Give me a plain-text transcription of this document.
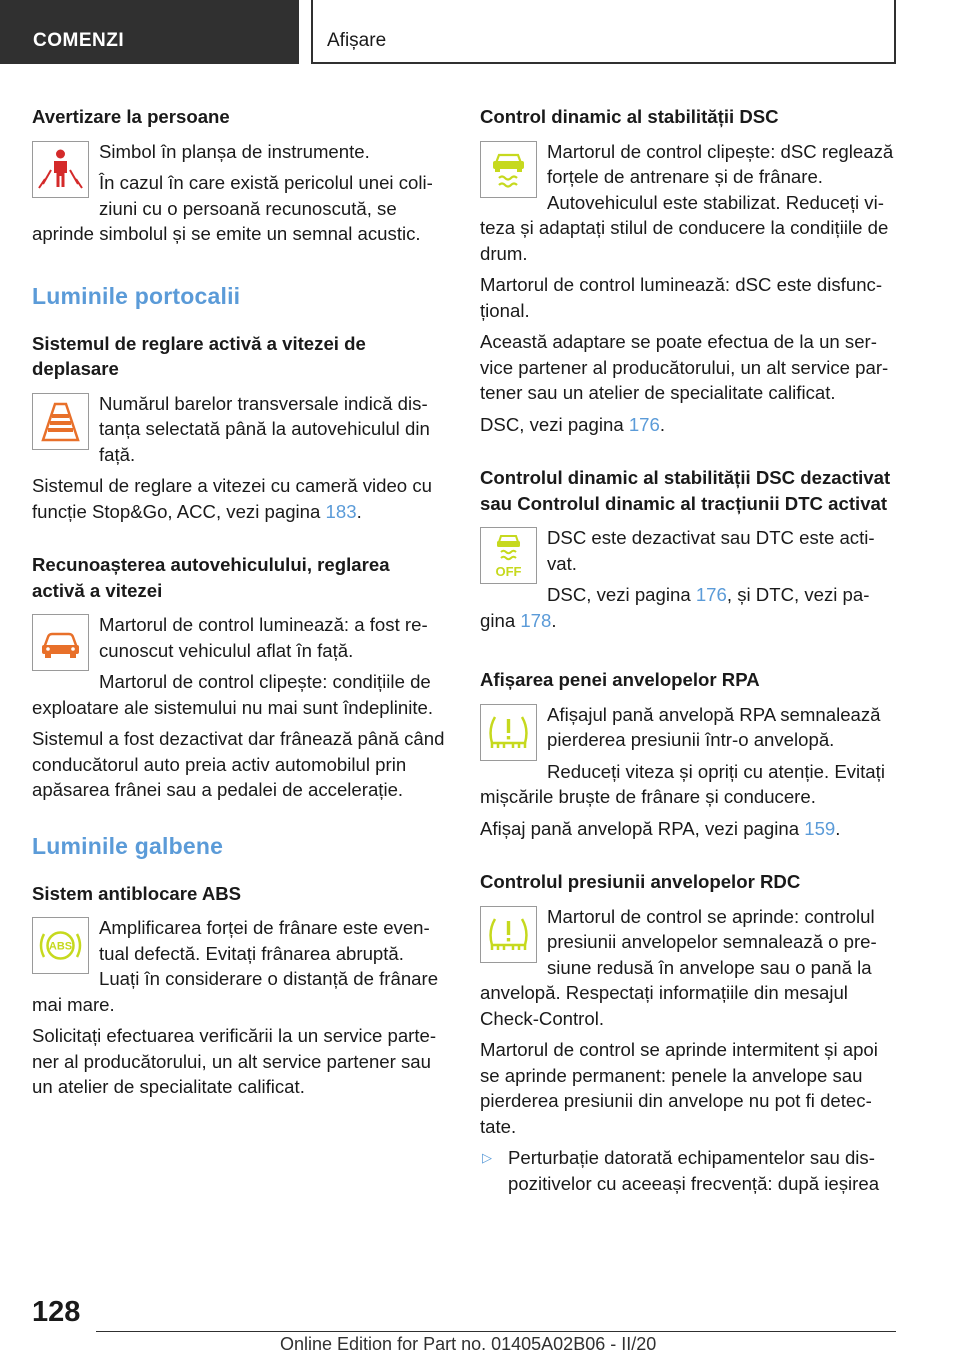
COMENZI	Afișare
Avertizare la persoane

Simbol în planșa de instrumente.

În cazul în care există pericolul unei coliziuni cu o persoană recunoscută, se aprinde simbolul și se emite un semnal acustic.

Luminile portocalii
Sistemul de reglare activă a vitezei de deplasare

Numărul barelor transversale indică distanța selectată până la autovehiculul din față.

Sistemul de reglare a vitezei cu cameră video cu funcție Stop&Go, ACC, vezi pagina 183.

Recunoașterea autovehiculului, reglarea activă a vitezei

Martorul de control luminează: a fost recunoscut vehiculul aflat în față.

Martorul de control clipește: condițiile de exploatare ale sistemului nu mai sunt îndeplinite.

Sistemul a fost dezactivat dar frânează până când conducătorul auto preia activ automobilul prin apăsarea frânei sau a pedalei de accelerație.

Luminile galbene
Sistem antiblocare ABS
ABS

Amplificarea forței de frânare este eventual defectă. Evitați frânarea abruptă. Luați în considerare o distanță de frânare mai mare.

Solicitați efectuarea verificării la un service partener al producătorului, un alt service partener sau un atelier de specialitate calificat.

Control dinamic al stabilității DSC

Martorul de control clipește: dSC reglează forțele de antrenare și de frânare. Autovehiculul este stabilizat. Reduceți viteza și adaptați stilul de conducere la condițiile de drum.

Martorul de control luminează: dSC este disfuncțional.

Această adaptare se poate efectua de la un service partener al producătorului, un alt service partener sau un atelier de specialitate calificat.

DSC, vezi pagina 176.

Controlul dinamic al stabilității DSC dezactivat sau Controlul dinamic al tracțiunii DTC activat
OFF

DSC este dezactivat sau DTC este activat.

DSC, vezi pagina 176, și DTC, vezi pagina 178.

Afișarea penei anvelopelor RPA

Afișajul pană anvelopă RPA semnalează pierderea presiunii într-o anvelopă.

Reduceți viteza și opriți cu atenție. Evitați mișcările bruște de frânare și conducere.

Afișaj pană anvelopă RPA, vezi pagina 159.

Controlul presiunii anvelopelor RDC

Martorul de control se aprinde: controlul presiunii anvelopelor semnalează o presiune redusă în anvelope sau o pană la anvelopă. Respectați informațiile din mesajul Check-Control.

Martorul de control se aprinde intermitent și apoi se aprinde permanent: penele la anvelope sau pierderea presiunii din anvelope nu pot fi detectate.

▷ Perturbație datorată echipamentelor sau dispozitivelor cu aceeași frecvență: după ieșirea
128
Online Edition for Part no. 01405A02B06 - II/20
